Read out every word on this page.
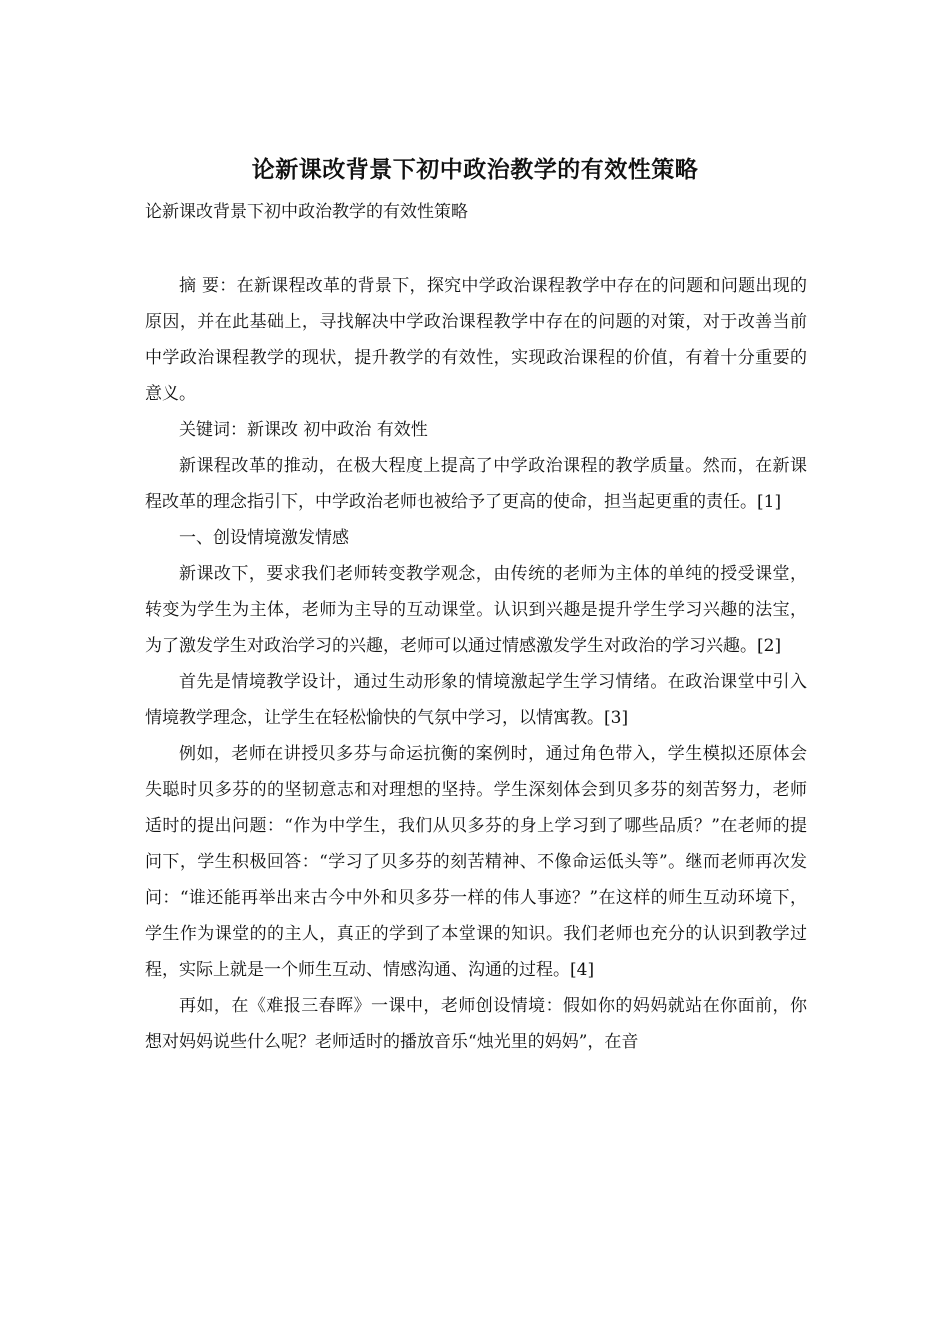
论新课改背景下初中政治教学的有效性策略

论新课改背景下初中政治教学的有效性策略

摘 要：在新课程改革的背景下，探究中学政治课程教学中存在的问题和问题出现的原因，并在此基础上，寻找解决中学政治课程教学中存在的问题的对策，对于改善当前中学政治课程教学的现状，提升教学的有效性，实现政治课程的价值，有着十分重要的意义。

关键词：新课改 初中政治 有效性

新课程改革的推动，在极大程度上提高了中学政治课程的教学质量。然而，在新课程改革的理念指引下，中学政治老师也被给予了更高的使命，担当起更重的责任。[1]

一、创设情境激发情感

新课改下，要求我们老师转变教学观念，由传统的老师为主体的单纯的授受课堂，转变为学生为主体，老师为主导的互动课堂。认识到兴趣是提升学生学习兴趣的法宝，为了激发学生对政治学习的兴趣，老师可以通过情感激发学生对政治的学习兴趣。[2]

首先是情境教学设计，通过生动形象的情境激起学生学习情绪。在政治课堂中引入情境教学理念，让学生在轻松愉快的气氛中学习，以情寓教。[3]

例如，老师在讲授贝多芬与命运抗衡的案例时，通过角色带入，学生模拟还原体会失聪时贝多芬的的坚韧意志和对理想的坚持。学生深刻体会到贝多芬的刻苦努力，老师适时的提出问题：“作为中学生，我们从贝多芬的身上学习到了哪些品质？”在老师的提问下，学生积极回答：“学习了贝多芬的刻苦精神、不像命运低头等”。继而老师再次发问：“谁还能再举出来古今中外和贝多芬一样的伟人事迹？”在这样的师生互动环境下，学生作为课堂的的主人，真正的学到了本堂课的知识。我们老师也充分的认识到教学过程，实际上就是一个师生互动、情感沟通、沟通的过程。[4]

再如，在《难报三春晖》一课中，老师创设情境：假如你的妈妈就站在你面前，你想对妈妈说些什么呢？老师适时的播放音乐“烛光里的妈妈”，在音
